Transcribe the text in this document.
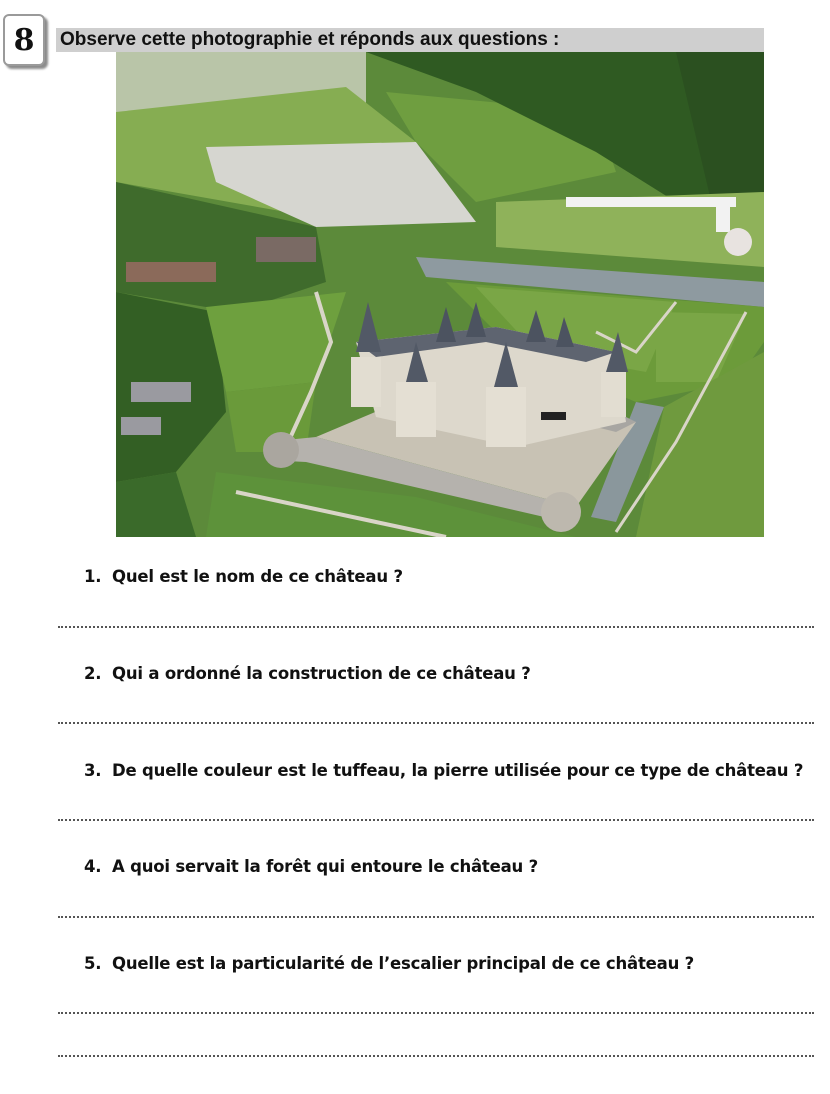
8 Observe cette photographie et réponds aux questions :
1. Quel est le nom de ce château ?
2. Qui a ordonné la construction de ce château ?
3. De quelle couleur est le tuffeau, la pierre utilisée pour ce type de château ?
4. A quoi servait la forêt qui entoure le château ?
5. Quelle est la particularité de l’escalier principal de ce château ?
